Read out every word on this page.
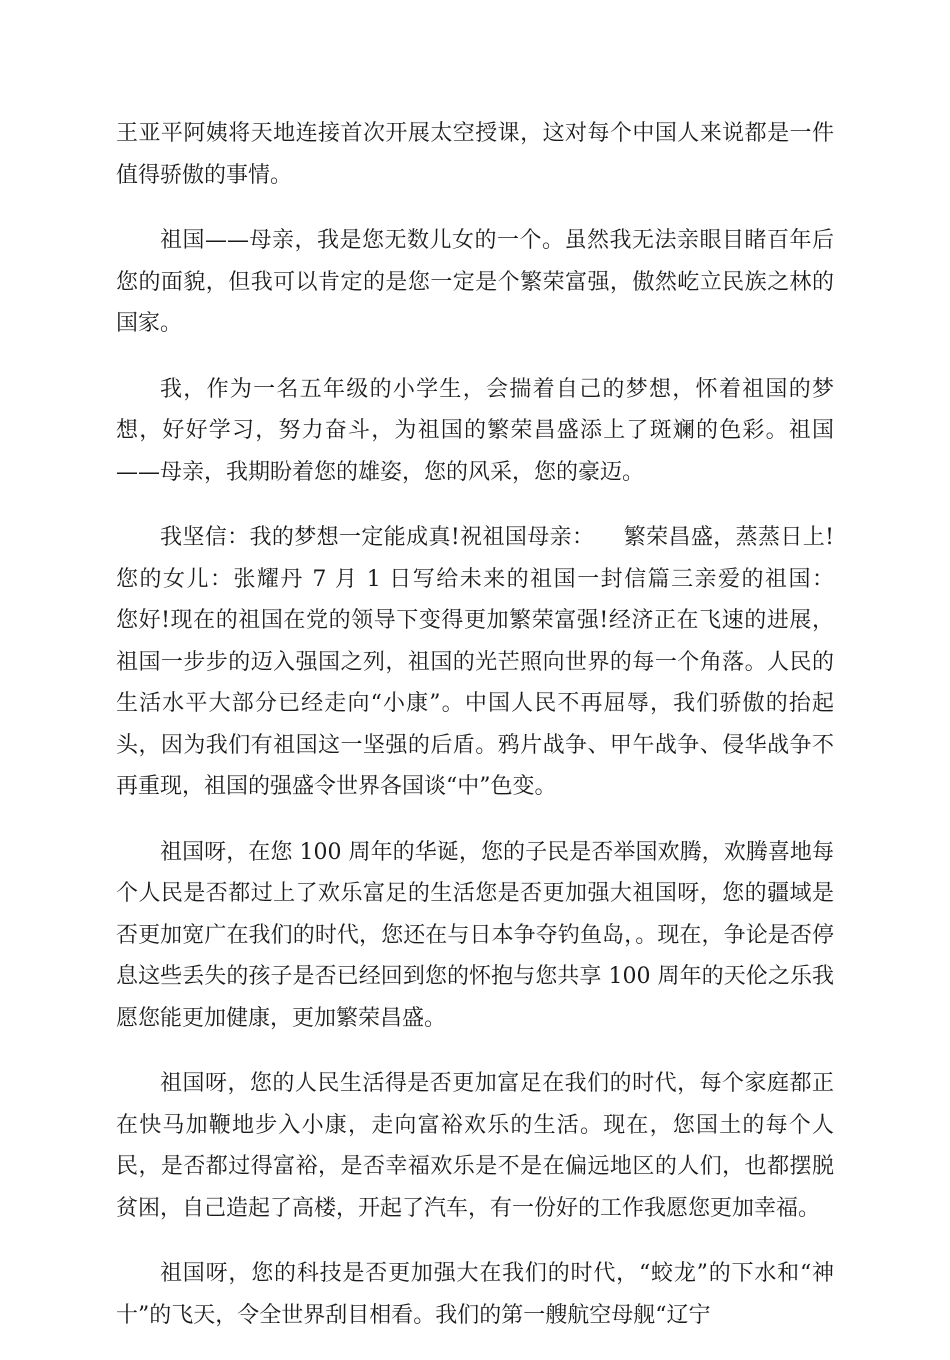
王亚平阿姨将天地连接首次开展太空授课，这对每个中国人来说都是一件值得骄傲的事情。

祖国——母亲，我是您无数儿女的一个。虽然我无法亲眼目睹百年后您的面貌，但我可以肯定的是您一定是个繁荣富强，傲然屹立民族之林的国家。

我，作为一名五年级的小学生，会揣着自己的梦想，怀着祖国的梦想，好好学习，努力奋斗，为祖国的繁荣昌盛添上了斑斓的色彩。祖国——母亲，我期盼着您的雄姿，您的风采，您的豪迈。

我坚信：我的梦想一定能成真!祝祖国母亲：    繁荣昌盛，蒸蒸日上!您的女儿：张耀丹 7 月 1 日写给未来的祖国一封信篇三亲爱的祖国：    您好!现在的祖国在党的领导下变得更加繁荣富强!经济正在飞速的进展，祖国一步步的迈入强国之列，祖国的光芒照向世界的每一个角落。人民的生活水平大部分已经走向“小康”。中国人民不再屈辱，我们骄傲的抬起头，因为我们有祖国这一坚强的后盾。鸦片战争、甲午战争、侵华战争不再重现，祖国的强盛令世界各国谈“中”色变。

祖国呀，在您 100 周年的华诞，您的子民是否举国欢腾，欢腾喜地每个人民是否都过上了欢乐富足的生活您是否更加强大祖国呀，您的疆域是否更加宽广在我们的时代，您还在与日本争夺钓鱼岛，。现在，争论是否停息这些丢失的孩子是否已经回到您的怀抱与您共享 100 周年的天伦之乐我愿您能更加健康，更加繁荣昌盛。

祖国呀，您的人民生活得是否更加富足在我们的时代，每个家庭都正在快马加鞭地步入小康，走向富裕欢乐的生活。现在，您国土的每个人民，是否都过得富裕，是否幸福欢乐是不是在偏远地区的人们，也都摆脱贫困，自己造起了高楼，开起了汽车，有一份好的工作我愿您更加幸福。

祖国呀，您的科技是否更加强大在我们的时代，“蛟龙”的下水和“神十”的飞天，令全世界刮目相看。我们的第一艘航空母舰“辽宁
